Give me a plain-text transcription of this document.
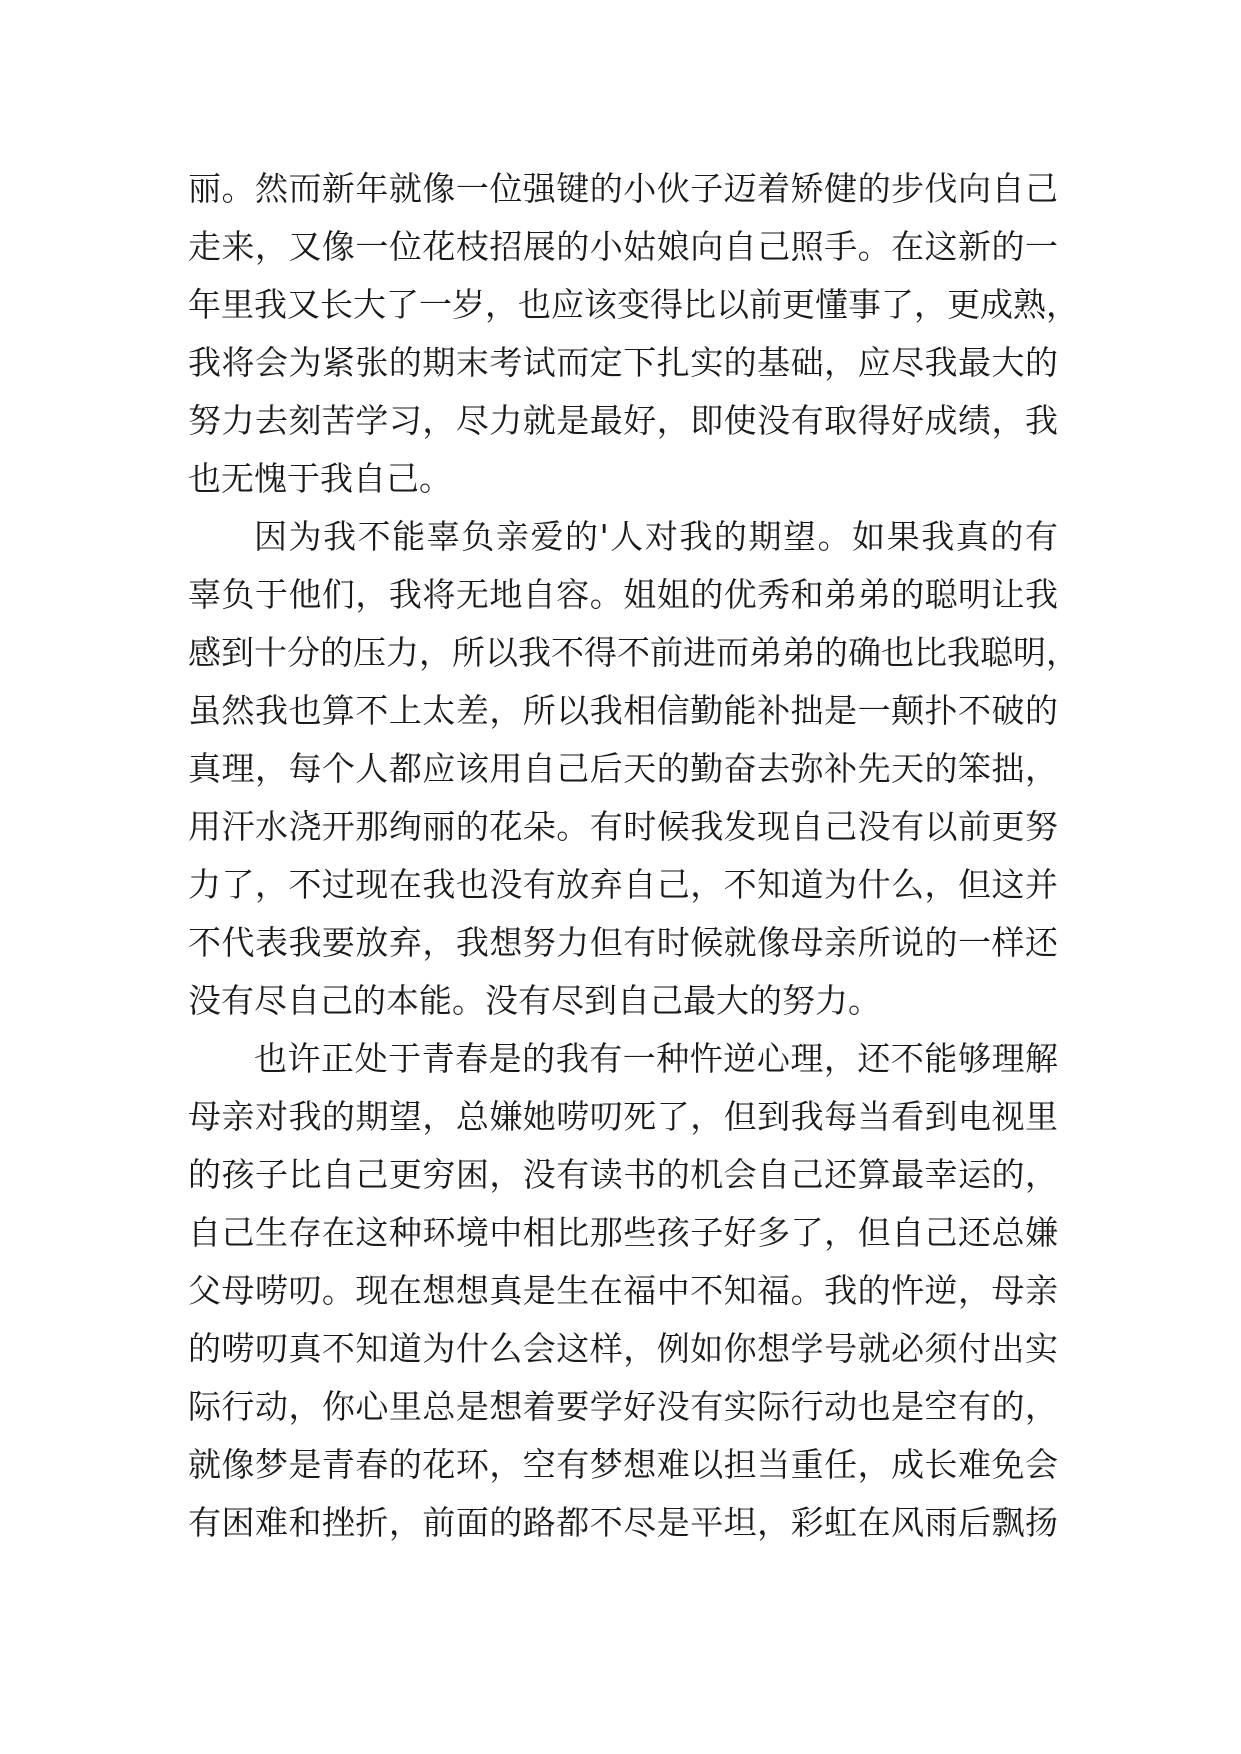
丽。然而新年就像一位强键的小伙子迈着矫健的步伐向自己
走来，又像一位花枝招展的小姑娘向自己照手。在这新的一
年里我又长大了一岁，也应该变得比以前更懂事了，更成熟，
我将会为紧张的期末考试而定下扎实的基础，应尽我最大的
努力去刻苦学习，尽力就是最好，即使没有取得好成绩，我
也无愧于我自己。
因为我不能辜负亲爱的'人对我的期望。如果我真的有
辜负于他们，我将无地自容。姐姐的优秀和弟弟的聪明让我
感到十分的压力，所以我不得不前进而弟弟的确也比我聪明，
虽然我也算不上太差，所以我相信勤能补拙是一颠扑不破的
真理，每个人都应该用自己后天的勤奋去弥补先天的笨拙，
用汗水浇开那绚丽的花朵。有时候我发现自己没有以前更努
力了，不过现在我也没有放弃自己，不知道为什么，但这并
不代表我要放弃，我想努力但有时候就像母亲所说的一样还
没有尽自己的本能。没有尽到自己最大的努力。
也许正处于青春是的我有一种忤逆心理，还不能够理解
母亲对我的期望，总嫌她唠叨死了，但到我每当看到电视里
的孩子比自己更穷困，没有读书的机会自己还算最幸运的，
自己生存在这种环境中相比那些孩子好多了，但自己还总嫌
父母唠叨。现在想想真是生在福中不知福。我的忤逆，母亲
的唠叨真不知道为什么会这样，例如你想学号就必须付出实
际行动，你心里总是想着要学好没有实际行动也是空有的，
就像梦是青春的花环，空有梦想难以担当重任，成长难免会
有困难和挫折，前面的路都不尽是平坦，彩虹在风雨后飘扬
